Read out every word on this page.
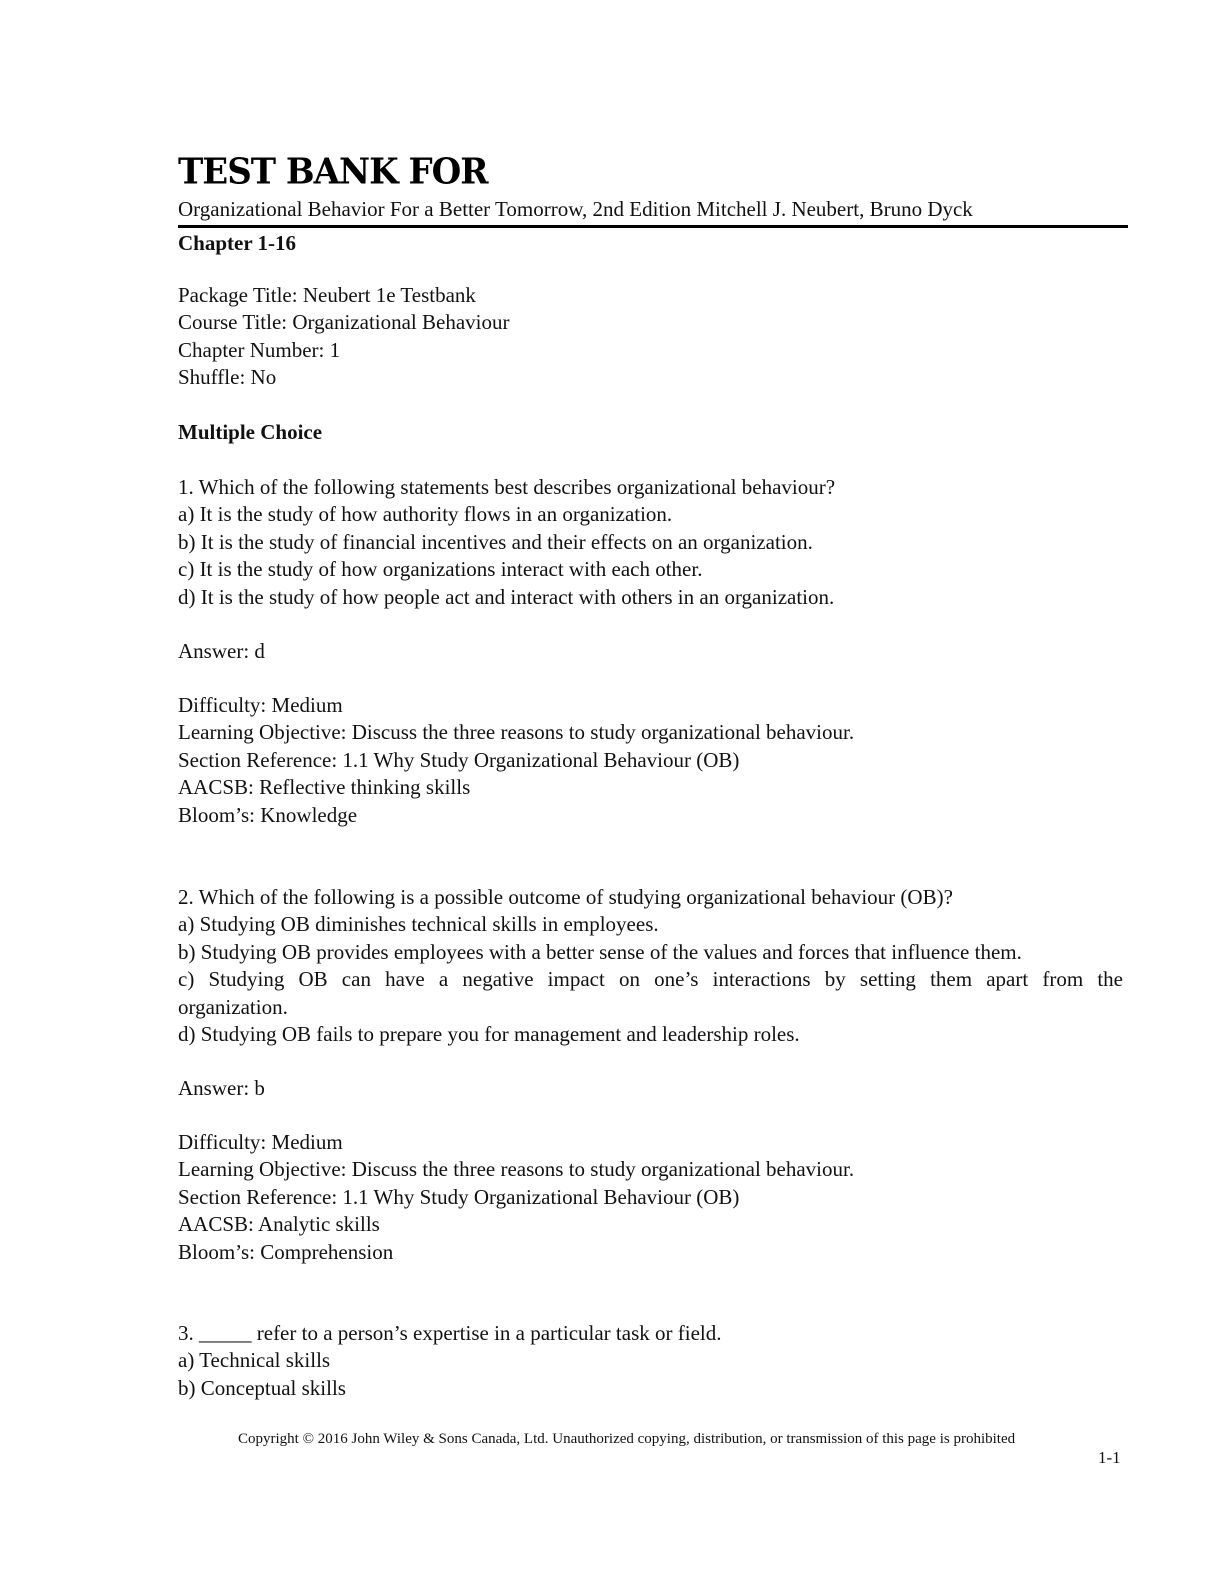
TEST BANK FOR
Organizational Behavior For a Better Tomorrow, 2nd Edition Mitchell J. Neubert, Bruno Dyck
Chapter 1-16
Package Title: Neubert 1e Testbank
Course Title: Organizational Behaviour
Chapter Number: 1
Shuffle: No
Multiple Choice
1. Which of the following statements best describes organizational behaviour?
a) It is the study of how authority flows in an organization.
b) It is the study of financial incentives and their effects on an organization.
c) It is the study of how organizations interact with each other.
d) It is the study of how people act and interact with others in an organization.
Answer: d
Difficulty: Medium
Learning Objective: Discuss the three reasons to study organizational behaviour.
Section Reference: 1.1 Why Study Organizational Behaviour (OB)
AACSB: Reflective thinking skills
Bloom’s: Knowledge
2. Which of the following is a possible outcome of studying organizational behaviour (OB)?
a) Studying OB diminishes technical skills in employees.
b) Studying OB provides employees with a better sense of the values and forces that influence them.
c) Studying OB can have a negative impact on one’s interactions by setting them apart from the
organization.
d) Studying OB fails to prepare you for management and leadership roles.
Answer: b
Difficulty: Medium
Learning Objective: Discuss the three reasons to study organizational behaviour.
Section Reference: 1.1 Why Study Organizational Behaviour (OB)
AACSB: Analytic skills
Bloom’s: Comprehension
3. _____ refer to a person’s expertise in a particular task or field.
a) Technical skills
b) Conceptual skills
Copyright © 2016 John Wiley & Sons Canada, Ltd. Unauthorized copying, distribution, or transmission of this page is prohibited
1-1
